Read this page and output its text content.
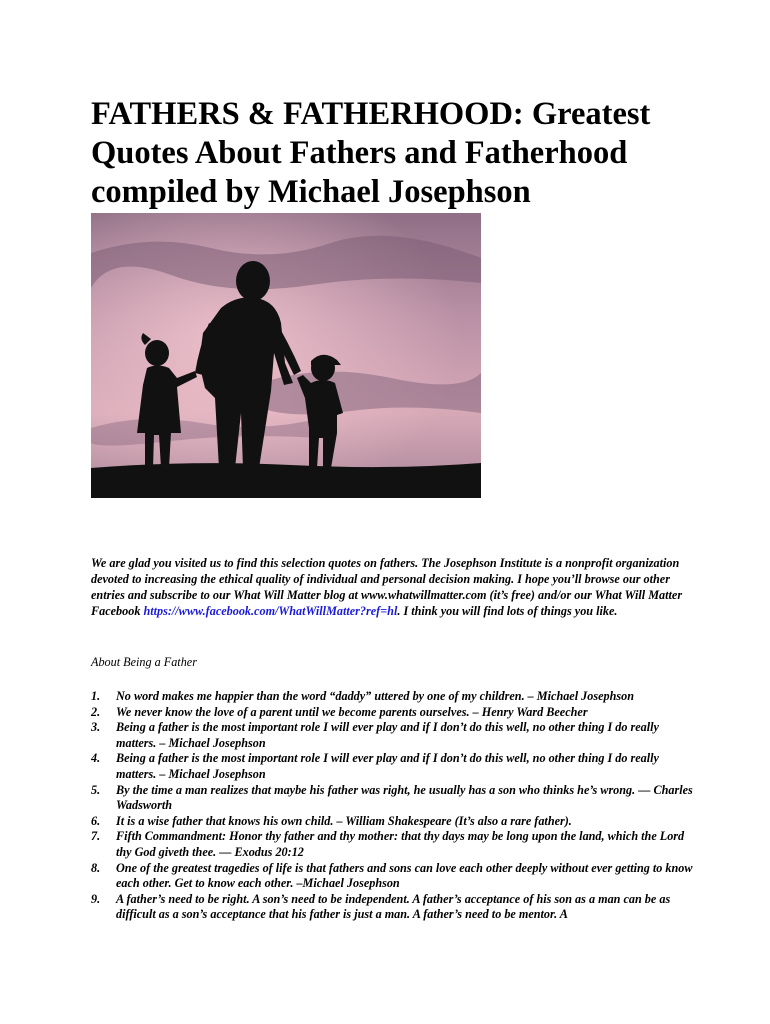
FATHERS & FATHERHOOD: Greatest Quotes About Fathers and Fatherhood compiled by Michael Josephson

We are glad you visited us to find this selection quotes on fathers. The Josephson Institute is a nonprofit organization devoted to increasing the ethical quality of individual and personal decision making. I hope you’ll browse our other entries and subscribe to our What Will Matter blog at www.whatwillmatter.com (it’s free) and/or our What Will Matter Facebook https://www.facebook.com/WhatWillMatter?ref=hl. I think you will find lots of things you like.

About Being a Father

1.	No word makes me happier than the word “daddy” uttered by one of my children. – Michael Josephson
2.	We never know the love of a parent until we become parents ourselves. – Henry Ward Beecher
3.	Being a father is the most important role I will ever play and if I don’t do this well, no other thing I do really matters. – Michael Josephson
4.	Being a father is the most important role I will ever play and if I don’t do this well, no other thing I do really matters. – Michael Josephson
5.	By the time a man realizes that maybe his father was right, he usually has a son who thinks he’s wrong. — Charles Wadsworth
6.	It is a wise father that knows his own child. – William Shakespeare (It’s also a rare father).
7.	Fifth Commandment: Honor thy father and thy mother: that thy days may be long upon the land, which the Lord thy God giveth thee. — Exodus 20:12
8.	One of the greatest tragedies of life is that fathers and sons can love each other deeply without ever getting to know each other. Get to know each other. –Michael Josephson
9.	A father’s need to be right. A son’s need to be independent. A father’s acceptance of his son as a man can be as difficult as a son’s acceptance that his father is just a man. A father’s need to be mentor. A
